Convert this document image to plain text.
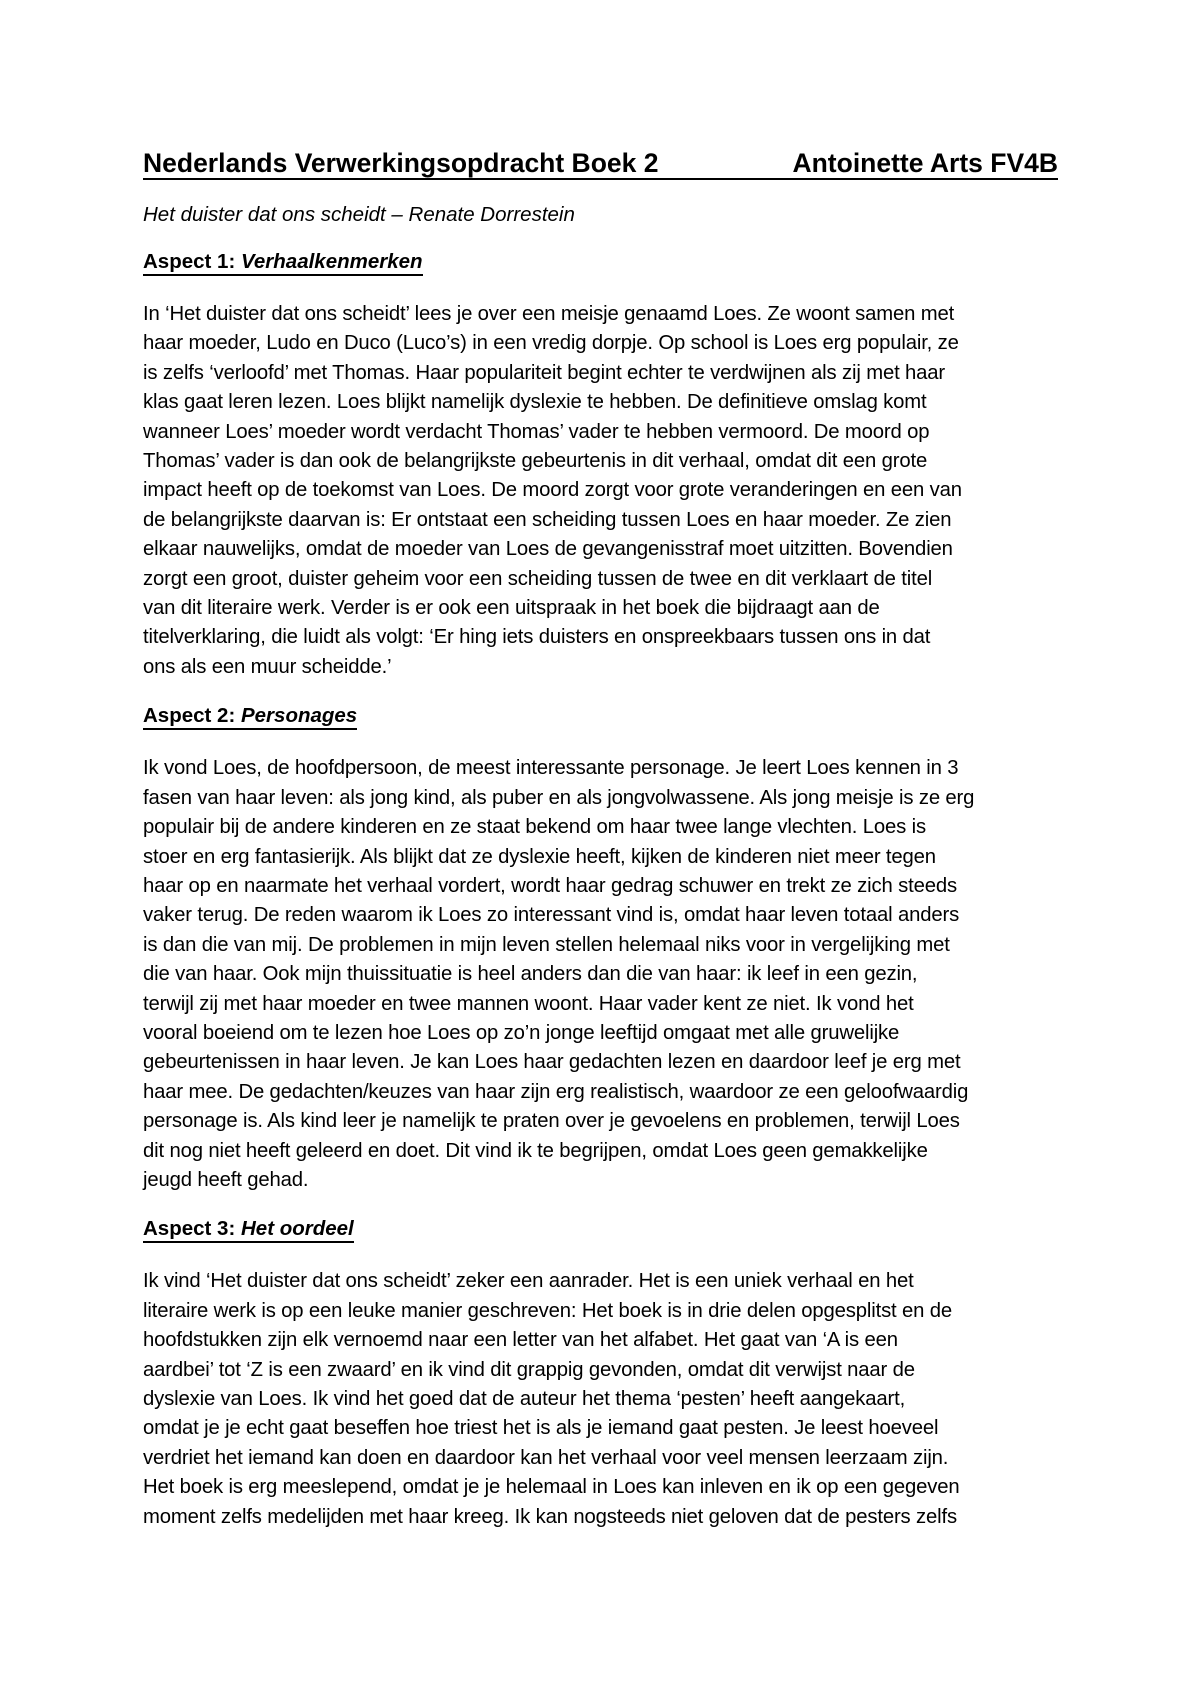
Nederlands Verwerkingsopdracht Boek 2	Antoinette Arts FV4B
Het duister dat ons scheidt – Renate Dorrestein
Aspect 1: Verhaalkenmerken
In ‘Het duister dat ons scheidt’ lees je over een meisje genaamd Loes. Ze woont samen met
haar moeder, Ludo en Duco (Luco’s) in een vredig dorpje. Op school is Loes erg populair, ze
is zelfs ‘verloofd’ met Thomas. Haar populariteit begint echter te verdwijnen als zij met haar
klas gaat leren lezen. Loes blijkt namelijk dyslexie te hebben. De definitieve omslag komt
wanneer Loes’ moeder wordt verdacht Thomas’ vader te hebben vermoord. De moord op
Thomas’ vader is dan ook de belangrijkste gebeurtenis in dit verhaal, omdat dit een grote
impact heeft op de toekomst van Loes. De moord zorgt voor grote veranderingen en een van
de belangrijkste daarvan is: Er ontstaat een scheiding tussen Loes en haar moeder. Ze zien
elkaar nauwelijks, omdat de moeder van Loes de gevangenisstraf moet uitzitten. Bovendien
zorgt een groot, duister geheim voor een scheiding tussen de twee en dit verklaart de titel
van dit literaire werk. Verder is er ook een uitspraak in het boek die bijdraagt aan de
titelverklaring, die luidt als volgt: ‘Er hing iets duisters en onspreekbaars tussen ons in dat
ons als een muur scheidde.’
Aspect 2: Personages
Ik vond Loes, de hoofdpersoon, de meest interessante personage. Je leert Loes kennen in 3
fasen van haar leven: als jong kind, als puber en als jongvolwassene. Als jong meisje is ze erg
populair bij de andere kinderen en ze staat bekend om haar twee lange vlechten. Loes is
stoer en erg fantasierijk. Als blijkt dat ze dyslexie heeft, kijken de kinderen niet meer tegen
haar op en naarmate het verhaal vordert, wordt haar gedrag schuwer en trekt ze zich steeds
vaker terug. De reden waarom ik Loes zo interessant vind is, omdat haar leven totaal anders
is dan die van mij. De problemen in mijn leven stellen helemaal niks voor in vergelijking met
die van haar. Ook mijn thuissituatie is heel anders dan die van haar: ik leef in een gezin,
terwijl zij met haar moeder en twee mannen woont. Haar vader kent ze niet. Ik vond het
vooral boeiend om te lezen hoe Loes op zo’n jonge leeftijd omgaat met alle gruwelijke
gebeurtenissen in haar leven. Je kan Loes haar gedachten lezen en daardoor leef je erg met
haar mee. De gedachten/keuzes van haar zijn erg realistisch, waardoor ze een geloofwaardig
personage is. Als kind leer je namelijk te praten over je gevoelens en problemen, terwijl Loes
dit nog niet heeft geleerd en doet. Dit vind ik te begrijpen, omdat Loes geen gemakkelijke
jeugd heeft gehad.
Aspect 3: Het oordeel
Ik vind ‘Het duister dat ons scheidt’ zeker een aanrader. Het is een uniek verhaal en het
literaire werk is op een leuke manier geschreven: Het boek is in drie delen opgesplitst en de
hoofdstukken zijn elk vernoemd naar een letter van het alfabet. Het gaat van ‘A is een
aardbei’ tot ‘Z is een zwaard’ en ik vind dit grappig gevonden, omdat dit verwijst naar de
dyslexie van Loes. Ik vind het goed dat de auteur het thema ‘pesten’ heeft aangekaart,
omdat je je echt gaat beseffen hoe triest het is als je iemand gaat pesten. Je leest hoeveel
verdriet het iemand kan doen en daardoor kan het verhaal voor veel mensen leerzaam zijn.
Het boek is erg meeslepend, omdat je je helemaal in Loes kan inleven en ik op een gegeven
moment zelfs medelijden met haar kreeg. Ik kan nogsteeds niet geloven dat de pesters zelfs
